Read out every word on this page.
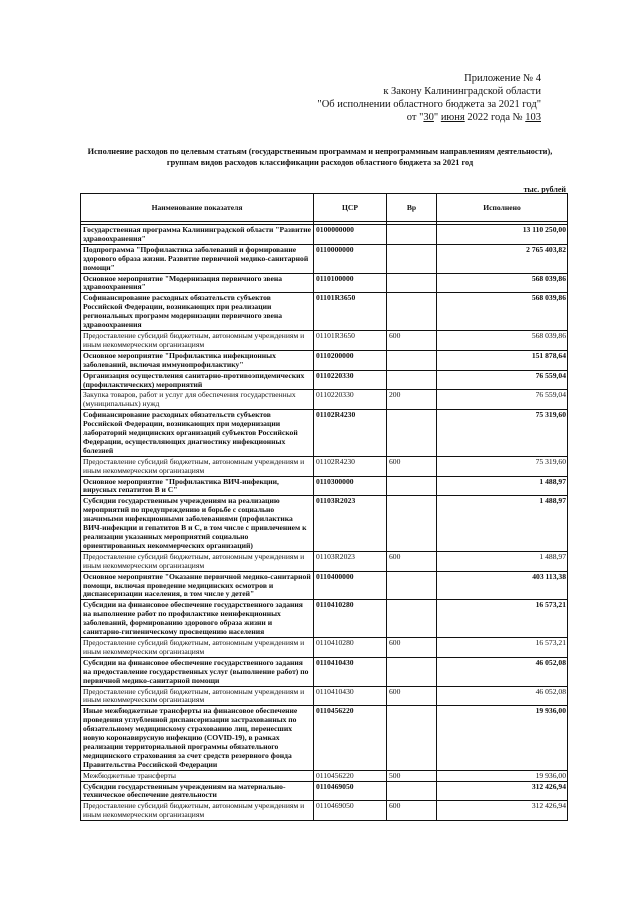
Приложение № 4
к Закону Калининградской области
"Об исполнении областного бюджета за 2021 год"
от "30" июня 2022 года № 103
Исполнение расходов по целевым статьям (государственным программам и непрограммным направлениям деятельности),
группам видов расходов классификации расходов областного бюджета за 2021 год
тыс. рублей
Наименование показателя	ЦСР	Вр	Исполнено

Государственная программа Калининградской области "Развитие здравоохранения"	0100000000		13 110 250,00
Подпрограмма "Профилактика заболеваний и формирование здорового образа жизни. Развитие первичной медико-санитарной помощи"	0110000000		2 765 403,82
Основное мероприятие "Модернизация первичного звена здравоохранения"	0110100000		568 039,86
Софинансирование расходных обязательств субъектов Российской Федерации, возникающих при реализации региональных программ модернизации первичного звена здравоохранения	01101R3650		568 039,86
Предоставление субсидий бюджетным, автономным учреждениям и иным некоммерческим организациям	01101R3650	600	568 039,86
Основное мероприятие "Профилактика инфекционных заболеваний, включая иммунопрофилактику"	0110200000		151 878,64
Организация осуществления санитарно-противоэпидемических (профилактических) мероприятий	0110220330		76 559,04
Закупка товаров, работ и услуг для обеспечения государственных (муниципальных) нужд	0110220330	200	76 559,04
Софинансирование расходных обязательств субъектов Российской Федерации, возникающих при модернизации лабораторий медицинских организаций субъектов Российской Федерации, осуществляющих диагностику инфекционных болезней	01102R4230		75 319,60
Предоставление субсидий бюджетным, автономным учреждениям и иным некоммерческим организациям	01102R4230	600	75 319,60
Основное мероприятие "Профилактика ВИЧ-инфекции, вирусных гепатитов В и С"	0110300000		1 488,97
Субсидии государственным учреждениям на реализацию мероприятий по предупреждению и борьбе с социально значимыми инфекционными заболеваниями (профилактика ВИЧ-инфекции и гепатитов В и С, в том числе с привлечением к реализации указанных мероприятий социально ориентированных некоммерческих организаций)	01103R2023		1 488,97
Предоставление субсидий бюджетным, автономным учреждениям и иным некоммерческим организациям	01103R2023	600	1 488,97
Основное мероприятие "Оказание первичной медико-санитарной помощи, включая проведение медицинских осмотров и диспансеризации населения, в том числе у детей"	0110400000		403 113,38
Субсидии на финансовое обеспечение государственного задания на выполнение работ по профилактике неинфекционных заболеваний, формированию здорового образа жизни и санитарно-гигиеническому просвещению населения	0110410280		16 573,21
Предоставление субсидий бюджетным, автономным учреждениям и иным некоммерческим организациям	0110410280	600	16 573,21
Субсидии на финансовое обеспечение государственного задания на предоставление государственных услуг (выполнение работ) по первичной медико-санитарной помощи	0110410430		46 052,08
Предоставление субсидий бюджетным, автономным учреждениям и иным некоммерческим организациям	0110410430	600	46 052,08
Иные межбюджетные трансферты на финансовое обеспечение проведения углубленной диспансеризации застрахованных по обязательному медицинскому страхованию лиц, перенесших новую коронавирусную инфекцию (COVID-19), в рамках реализации территориальной программы обязательного медицинского страхования за счет средств резервного фонда Правительства Российской Федерации	0110456220		19 936,00
Межбюджетные трансферты	0110456220	500	19 936,00
Субсидии государственным учреждениям на материально-техническое обеспечение деятельности	0110469050		312 426,94
Предоставление субсидий бюджетным, автономным учреждениям и иным некоммерческим организациям	0110469050	600	312 426,94
